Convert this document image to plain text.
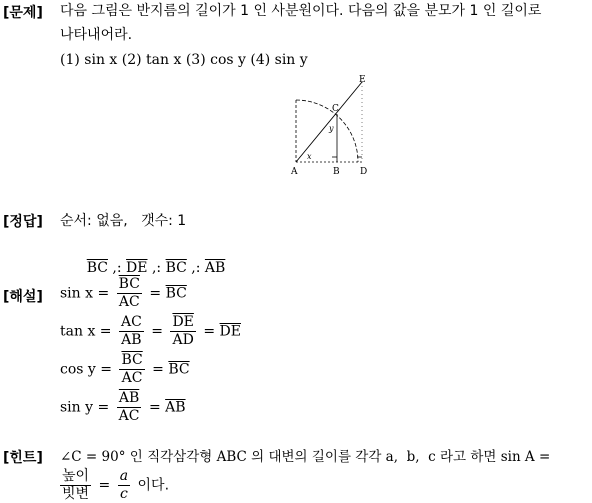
[문제] 다음 그림은 반지름의 길이가 1 인 사분원이다. 다음의 값을 분모가 1 인 길이로
나타내어라.
(1) sin x (2) tan x (3) cos y (4) sin y
A	B D
C
E
x
y
[정답] 순서: 없음,   갯수: 1

$\overline{BC}$ ,: $\overline{DE}$ ,: $\overline{BC}$ ,: $\overline{AB}$

[해설] $\sin x = \frac{\overline{BC}}{AC} = \overline{BC}$
$\tan x = \frac{AC}{AB} = \frac{\overline{DE}}{AD} = \overline{DE}$
$\cos y = \frac{\overline{BC}}{AC} = \overline{BC}$
$\sin y = \frac{\overline{AB}}{AC} = \overline{AB}$
[힌트] ∠C = 90° 인 직각삼각형 ABC 의 대변의 길이를 각각 a,  b,  c 라고 하면 sin A =
$\frac{\text{높이}}{\text{빗변}} = \frac{a}{c}$ 이다.
